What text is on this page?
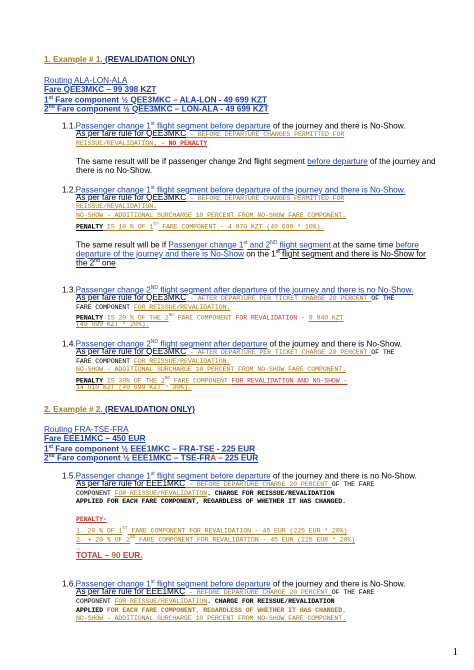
1. Example # 1. (REVALIDATION ONLY)
Routing ALA-LON-ALA
Fare QEE3MKC – 99 398 KZT
1st Fare component ½ QEE3MKC – ALA-LON - 49 699 KZT
2nd Fare component ½ QEE3MKC – LON-ALA - 49 699 KZT
1.1.Passenger change 1st flight segment before departure of the journey and there is No-Show.
As per fare rule for QEE3MKC - BEFORE DEPARTURE CHANGES PERMITTED FOR
REISSUE/REVALIDATION. - NO PENALTY
The same result will be if passenger change 2nd flight segment before departure of the journey and
there is no No-Show.
1.2.Passenger change 1st flight segment before departure of the journey and there is No-Show.
As per fare rule for QEE3MKC - BEFORE DEPARTURE CHANGES PERMITTED FOR
REISSUE/REVALIDATION.
NO-SHOW - ADDITIONAL SURCHARGE 10 PERCENT FROM NO-SHOW FARE COMPONENT.
PENALTY IS 10 % OF 1ST FARE COMPONENT - 4 970 KZT (49 699 * 10%).
The same result will be if Passenger change 1st and 2ND flight segment at the same time before
departure of the journey and there is No-Show on the 1st flight segment and there is No-Show for
the 2nd one
1.3.Passenger change 2ND flight segment after departure of the journey and there is no No-Show.
As per fare rule for QEE3MKC - AFTER DEPARTURE PER TICKET CHARGE 20 PERCENT OF THE
FARE COMPONENT FOR REISSUE/REVALIDATION.
PENALTY IS 20 % OF THE 2ND FARE COMPONENT FOR REVALIDATION - 9 940 KZT
(49 699 KZT * 20%).
1.4.Passenger change 2ND flight segment after departure of the journey and there is No-Show.
As per fare rule for QEE3MKC - AFTER DEPARTURE PER TICKET CHARGE 20 PERCENT OF THE
FARE COMPONENT FOR REISSUE/REVALIDATION.
NO-SHOW - ADDITIONAL SURCHARGE 10 PERCENT FROM NO-SHOW FARE COMPONENT.
PENALTY IS 30% OF THE 2ND FARE COMPONENT FOR REVALIDATION AND NO-SHOW -
14 910 KZT (49 699 KZT * 30%).
2. Example # 2. (REVALIDATION ONLY)
Routing FRA-TSE-FRA
Fare EEE1MKC – 450 EUR
1st Fare component ½ EEE1MKC – FRA-TSE - 225 EUR
2nd Fare component ½ EEE1MKC – TSE-FRA – 225 EUR
1.5.Passenger change 1st flight segment before departure of the journey and there is no No-Show.
As per fare rule for EEE1MKC - BEFORE DEPARTURE CHARGE 20 PERCENT OF THE FARE
COMPONENT FOR REISSUE/REVALIDATION. CHARGE FOR REISSUE/REVALIDATION
APPLIED FOR EACH FARE COMPONENT, REGARDLESS OF WHETHER IT HAS CHANGED.
PENALTY-
1. 20 % OF 1ST FARE COMPONENT FOR REVALIDATION - 45 EUR (225 EUR * 20%)
2. + 20 % OF 2ND FARE COMPONENT FOR REVALIDATION - 45 EUR (225 EUR * 20%)
_
TOTAL – 90 EUR.
1.6.Passenger change 1st flight segment before departure of the journey and there is No-Show.
As per fare rule for EEE1MKC - BEFORE DEPARTURE CHARGE 20 PERCENT OF THE FARE
COMPONENT FOR REISSUE/REVALIDATION. CHARGE FOR REISSUE/REVALIDATION
APPLIED FOR EACH FARE COMPONENT, REGARDLESS OF WHETHER IT HAS CHANGED.
NO-SHOW - ADDITIONAL SURCHARGE 10 PERCENT FROM NO-SHOW FARE COMPONENT.
1
